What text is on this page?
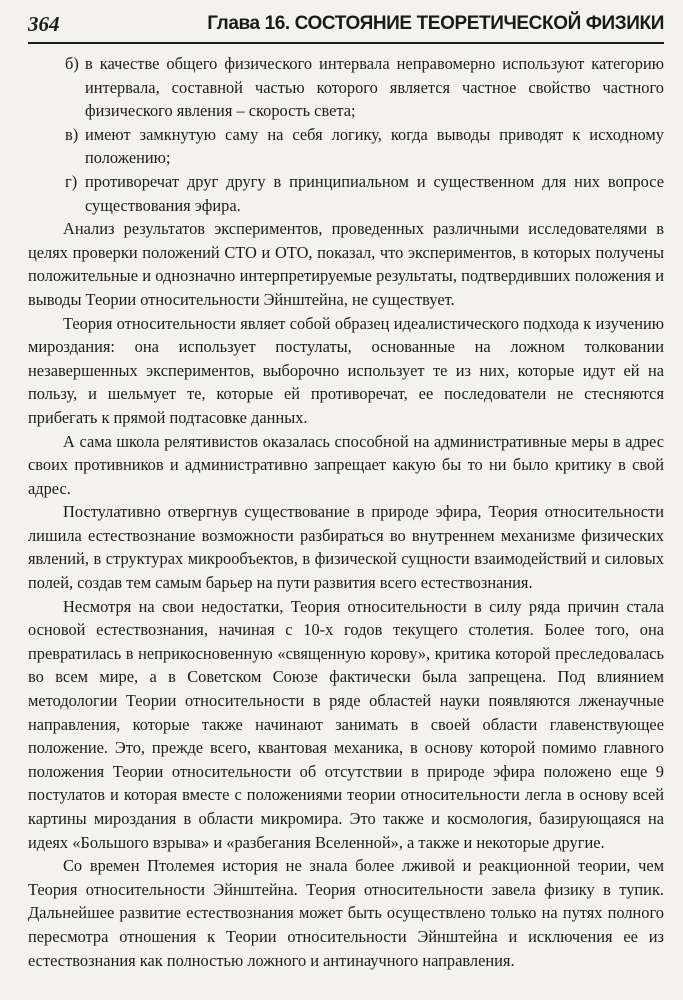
364	Глава 16. СОСТОЯНИЕ ТЕОРЕТИЧЕСКОЙ ФИЗИКИ
б) в качестве общего физического интервала неправомерно используют категорию интервала, составной частью которого является частное свойство частного физического явления – скорость света;
в) имеют замкнутую саму на себя логику, когда выводы приводят к исходному положению;
г) противоречат друг другу в принципиальном и существенном для них вопросе существования эфира.

Анализ результатов экспериментов, проведенных различными исследователями в целях проверки положений СТО и ОТО, показал, что экспериментов, в которых получены положительные и однозначно интерпретируемые результаты, подтвердивших положения и выводы Теории относительности Эйнштейна, не существует.

Теория относительности являет собой образец идеалистического подхода к изучению мироздания: она использует постулаты, основанные на ложном толковании незавершенных экспериментов, выборочно использует те из них, которые идут ей на пользу, и шельмует те, которые ей противоречат, ее последователи не стесняются прибегать к прямой подтасовке данных.

А сама школа релятивистов оказалась способной на административные меры в адрес своих противников и административно запрещает какую бы то ни было критику в свой адрес.

Постулативно отвергнув существование в природе эфира, Теория относительности лишила естествознание возможности разбираться во внутреннем механизме физических явлений, в структурах микрообъектов, в физической сущности взаимодействий и силовых полей, создав тем самым барьер на пути развития всего естествознания.

Несмотря на свои недостатки, Теория относительности в силу ряда причин стала основой естествознания, начиная с 10-х годов текущего столетия. Более того, она превратилась в неприкосновенную «священную корову», критика которой преследовалась во всем мире, а в Советском Союзе фактически была запрещена. Под влиянием методологии Теории относительности в ряде областей науки появляются лженаучные направления, которые также начинают занимать в своей области главенствующее положение. Это, прежде всего, квантовая механика, в основу которой помимо главного положения Теории относительности об отсутствии в природе эфира положено еще 9 постулатов и которая вместе с положениями теории относительности легла в основу всей картины мироздания в области микромира. Это также и космология, базирующаяся на идеях «Большого взрыва» и «разбегания Вселенной», а также и некоторые другие.

Со времен Птолемея история не знала более лживой и реакционной теории, чем Теория относительности Эйнштейна. Теория относительности завела физику в тупик. Дальнейшее развитие естествознания может быть осуществлено только на путях полного пересмотра отношения к Теории относительности Эйнштейна и исключения ее из естествознания как полностью ложного и антинаучного направления.
